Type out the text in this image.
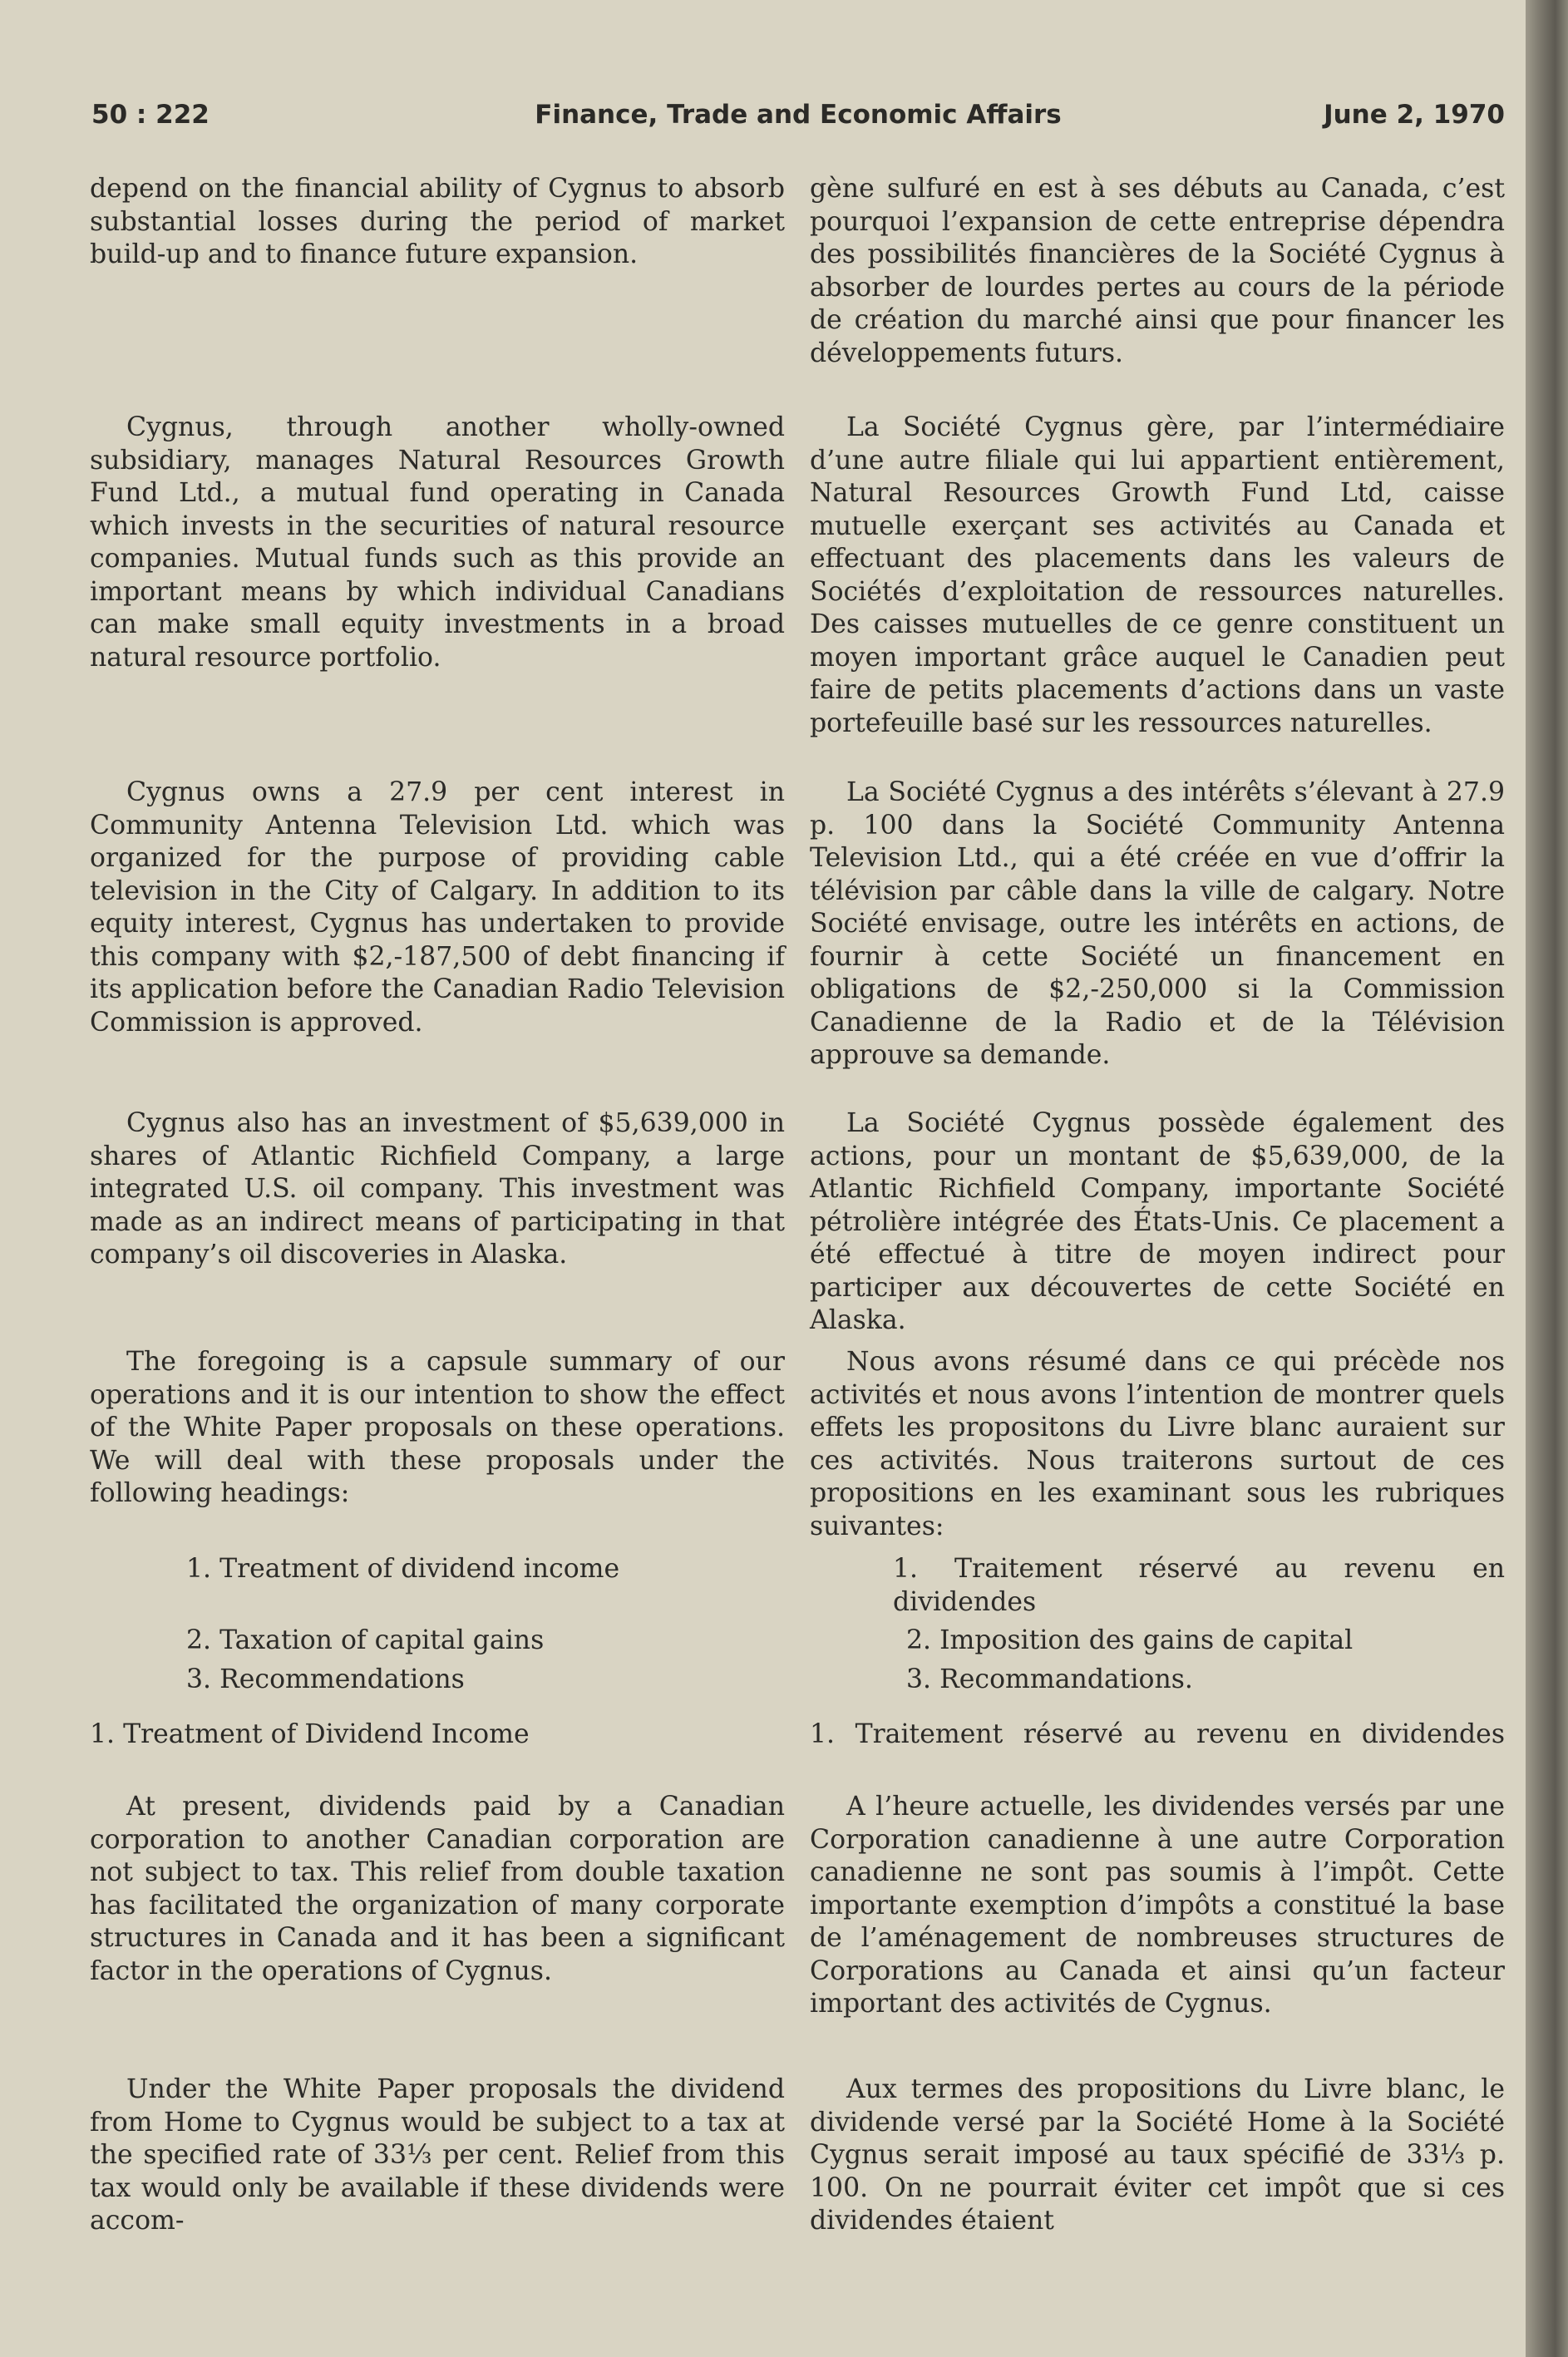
50 : 222	Finance, Trade and Economic Affairs	June 2, 1970

depend on the financial ability of Cygnus to absorb substantial losses during the period of market build-up and to finance future expansion.

Cygnus, through another wholly-owned subsidiary, manages Natural Resources Growth Fund Ltd., a mutual fund operating in Canada which invests in the securities of natural resource companies. Mutual funds such as this provide an important means by which individual Canadians can make small equity investments in a broad natural resource portfolio.

Cygnus owns a 27.9 per cent interest in Community Antenna Television Ltd. which was organized for the purpose of providing cable television in the City of Calgary. In addition to its equity interest, Cygnus has undertaken to provide this company with $2,-187,500 of debt financing if its application before the Canadian Radio Television Commission is approved.

Cygnus also has an investment of $5,639,000 in shares of Atlantic Richfield Company, a large integrated U.S. oil company. This investment was made as an indirect means of participating in that company’s oil discoveries in Alaska.

The foregoing is a capsule summary of our operations and it is our intention to show the effect of the White Paper proposals on these operations. We will deal with these proposals under the following headings:

1. Treatment of dividend income
2. Taxation of capital gains
3. Recommendations
1. Treatment of Dividend Income

At present, dividends paid by a Canadian corporation to another Canadian corporation are not subject to tax. This relief from double taxation has facilitated the organization of many corporate structures in Canada and it has been a significant factor in the operations of Cygnus.

Under the White Paper proposals the dividend from Home to Cygnus would be subject to a tax at the specified rate of 33⅓ per cent. Relief from this tax would only be available if these dividends were accom-

gène sulfuré en est à ses débuts au Canada, c’est pourquoi l’expansion de cette entreprise dépendra des possibilités financières de la Société Cygnus à absorber de lourdes pertes au cours de la période de création du marché ainsi que pour financer les développements futurs.

La Société Cygnus gère, par l’intermédiaire d’une autre filiale qui lui appartient entièrement, Natural Resources Growth Fund Ltd, caisse mutuelle exerçant ses activités au Canada et effectuant des placements dans les valeurs de Sociétés d’exploitation de ressources naturelles. Des caisses mutuelles de ce genre constituent un moyen important grâce auquel le Canadien peut faire de petits placements d’actions dans un vaste portefeuille basé sur les ressources naturelles.

La Société Cygnus a des intérêts s’élevant à 27.9 p. 100 dans la Société Community Antenna Television Ltd., qui a été créée en vue d’offrir la télévision par câble dans la ville de calgary. Notre Société envisage, outre les intérêts en actions, de fournir à cette Société un financement en obligations de $2,-250,000 si la Commission Canadienne de la Radio et de la Télévision approuve sa demande.

La Société Cygnus possède également des actions, pour un montant de $5,639,000, de la Atlantic Richfield Company, importante Société pétrolière intégrée des États-Unis. Ce placement a été effectué à titre de moyen indirect pour participer aux découvertes de cette Société en Alaska.

Nous avons résumé dans ce qui précède nos activités et nous avons l’intention de montrer quels effets les propositons du Livre blanc auraient sur ces activités. Nous traiterons surtout de ces propositions en les examinant sous les rubriques suivantes:

1. Traitement réservé au revenu en dividendes
2. Imposition des gains de capital
3. Recommandations.
1. Traitement réservé au revenu en dividendes

A l’heure actuelle, les dividendes versés par une Corporation canadienne à une autre Corporation canadienne ne sont pas soumis à l’impôt. Cette importante exemption d’impôts a constitué la base de l’aménagement de nombreuses structures de Corporations au Canada et ainsi qu’un facteur important des activités de Cygnus.

Aux termes des propositions du Livre blanc, le dividende versé par la Société Home à la Société Cygnus serait imposé au taux spécifié de 33⅓ p. 100. On ne pourrait éviter cet impôt que si ces dividendes étaient
